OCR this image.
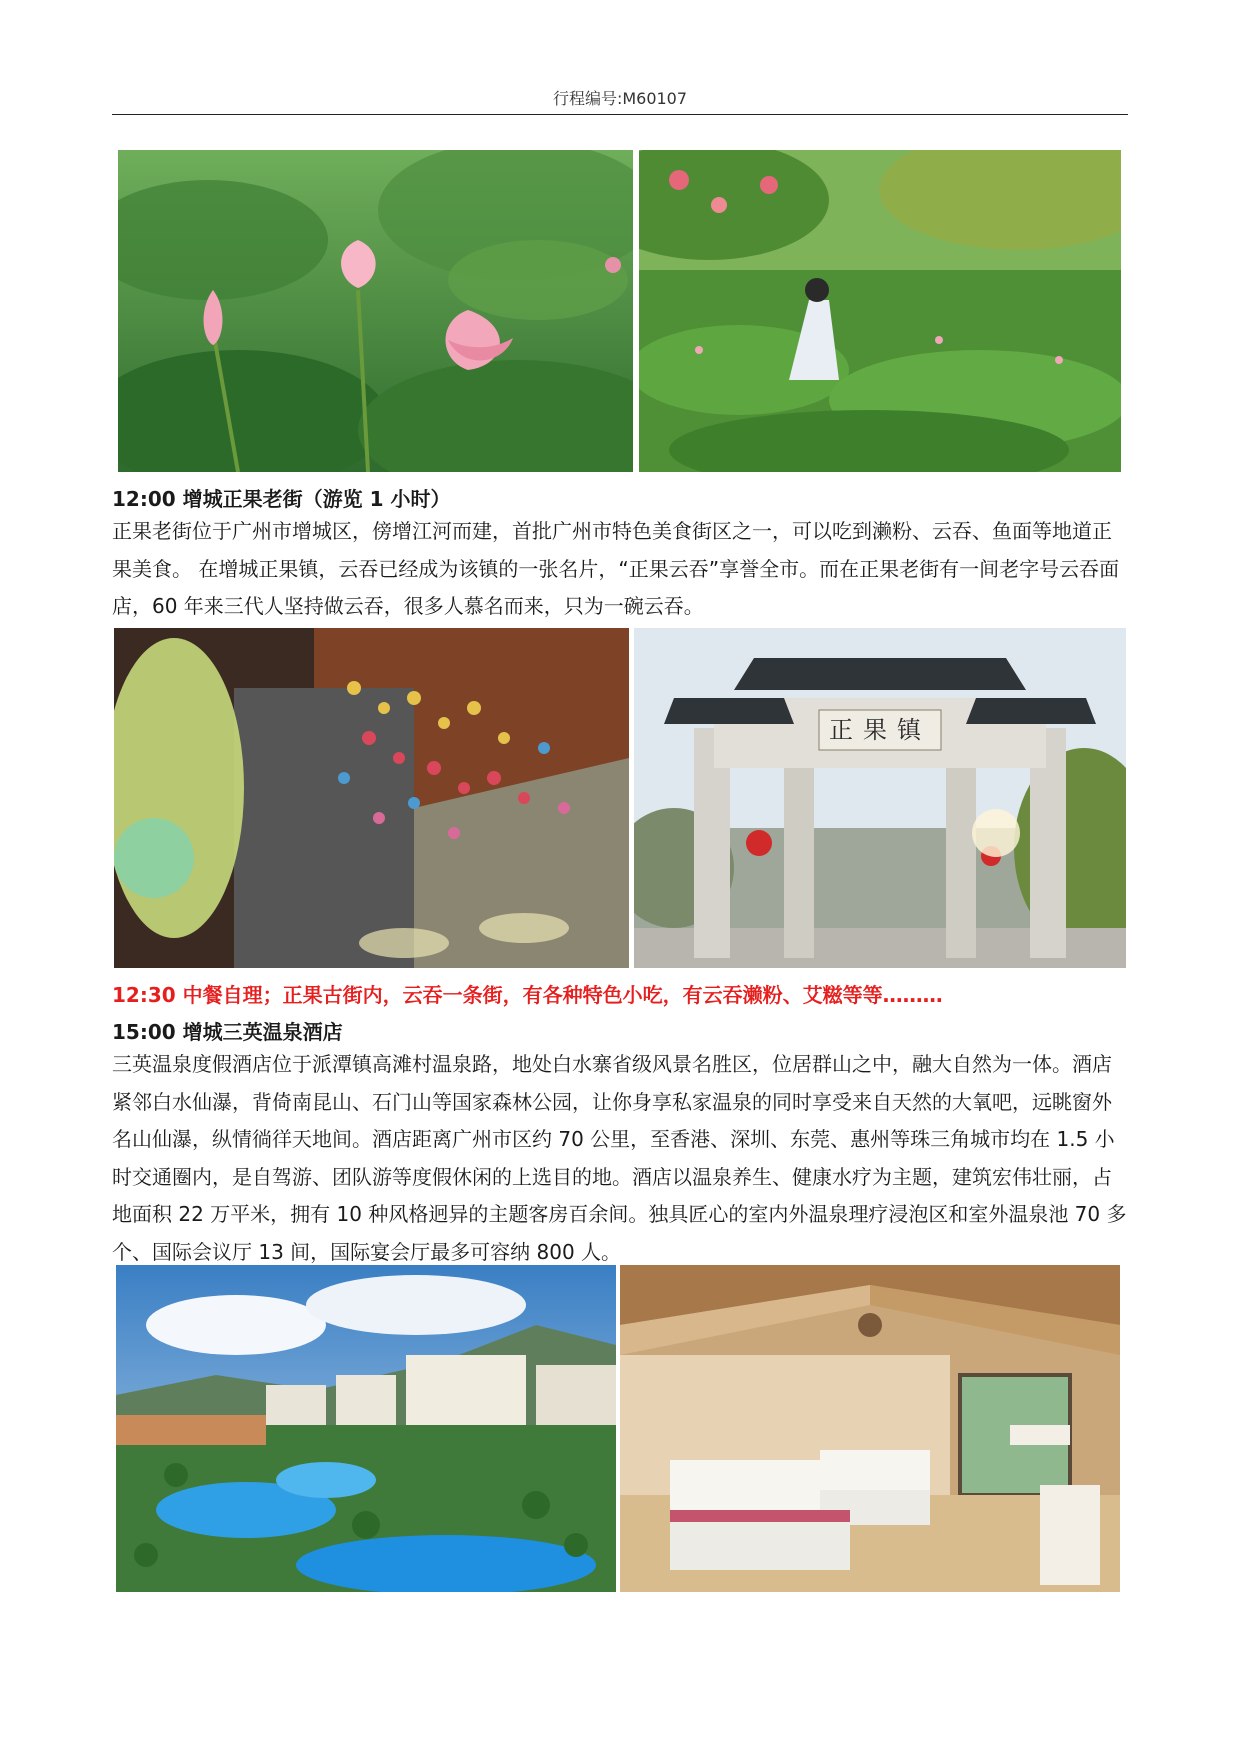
行程编号:M60107
12:00 增城正果老街（游览 1 小时）
正果老街位于广州市增城区，傍增江河而建，首批广州市特色美食街区之一，可以吃到濑粉、云吞、鱼面等地道正果美食。 在增城正果镇，云吞已经成为该镇的一张名片，“正果云吞”享誉全市。而在正果老街有一间老字号云吞面店，60 年来三代人坚持做云吞，很多人慕名而来，只为一碗云吞。
正果镇
12:30 中餐自理；正果古街内，云吞一条街，有各种特色小吃，有云吞濑粉、艾糍等等………
15:00 增城三英温泉酒店
三英温泉度假酒店位于派潭镇高滩村温泉路，地处白水寨省级风景名胜区，位居群山之中，融大自然为一体。酒店紧邻白水仙瀑，背倚南昆山、石门山等国家森林公园，让你身享私家温泉的同时享受来自天然的大氧吧，远眺窗外名山仙瀑，纵情徜徉天地间。酒店距离广州市区约 70 公里，至香港、深圳、东莞、惠州等珠三角城市均在 1.5 小时交通圈内，是自驾游、团队游等度假休闲的上选目的地。酒店以温泉养生、健康水疗为主题，建筑宏伟壮丽，占地面积 22 万平米，拥有 10 种风格迥异的主题客房百余间。独具匠心的室内外温泉理疗浸泡区和室外温泉池 70 多个、国际会议厅 13 间，国际宴会厅最多可容纳 800 人。
